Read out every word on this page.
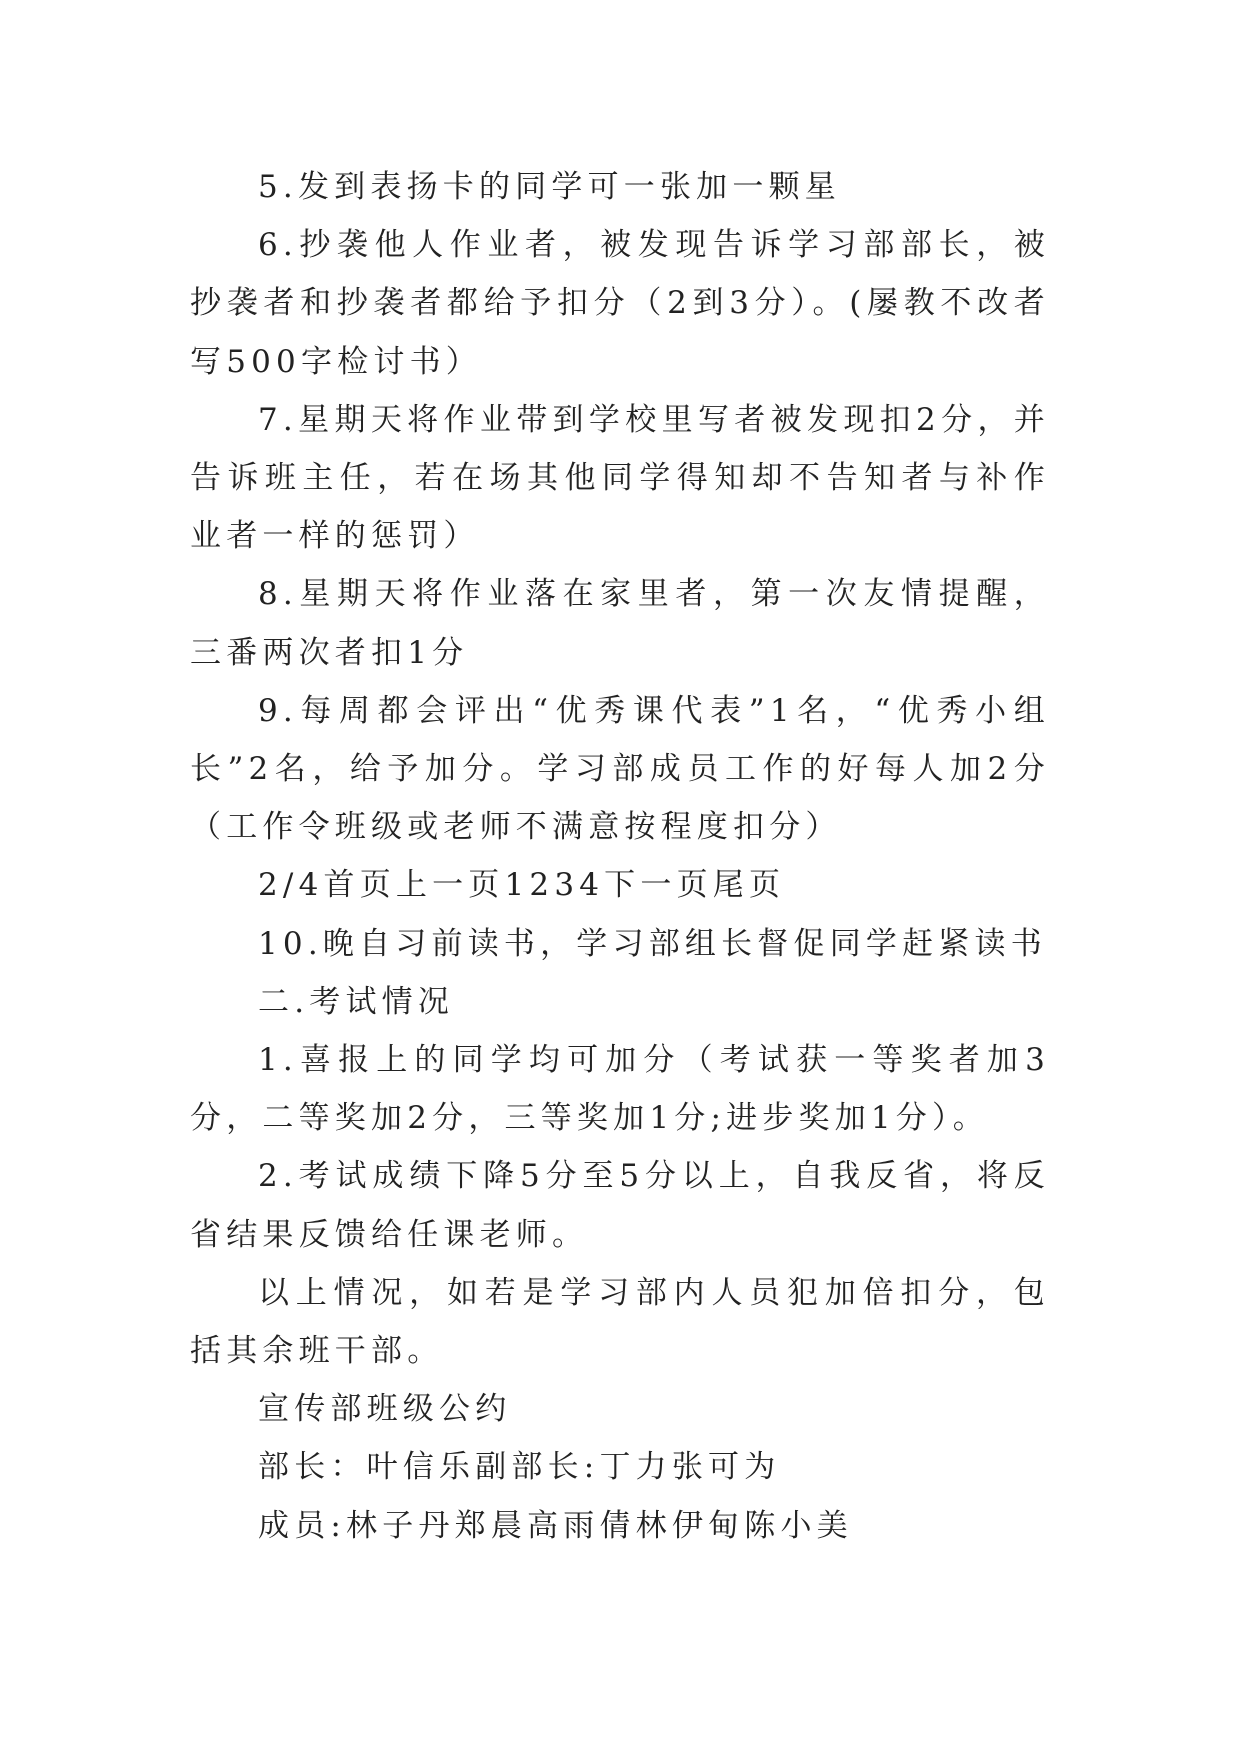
5.发到表扬卡的同学可一张加一颗星

6.抄袭他人作业者，被发现告诉学习部部长，被抄袭者和抄袭者都给予扣分（2到3分）。(屡教不改者写500字检讨书）

7.星期天将作业带到学校里写者被发现扣2分，并告诉班主任，若在场其他同学得知却不告知者与补作业者一样的惩罚）

8.星期天将作业落在家里者，第一次友情提醒，三番两次者扣1分

9.每周都会评出“优秀课代表”1名，“优秀小组长”2名，给予加分。学习部成员工作的好每人加2分（工作令班级或老师不满意按程度扣分）

2/4首页上一页1234下一页尾页

10.晚自习前读书，学习部组长督促同学赶紧读书

二.考试情况

1.喜报上的同学均可加分（考试获一等奖者加3分，二等奖加2分，三等奖加1分;进步奖加1分）。

2.考试成绩下降5分至5分以上，自我反省，将反省结果反馈给任课老师。

以上情况，如若是学习部内人员犯加倍扣分，包括其余班干部。

宣传部班级公约

部长：叶信乐副部长:丁力张可为

成员:林子丹郑晨高雨倩林伊甸陈小美
